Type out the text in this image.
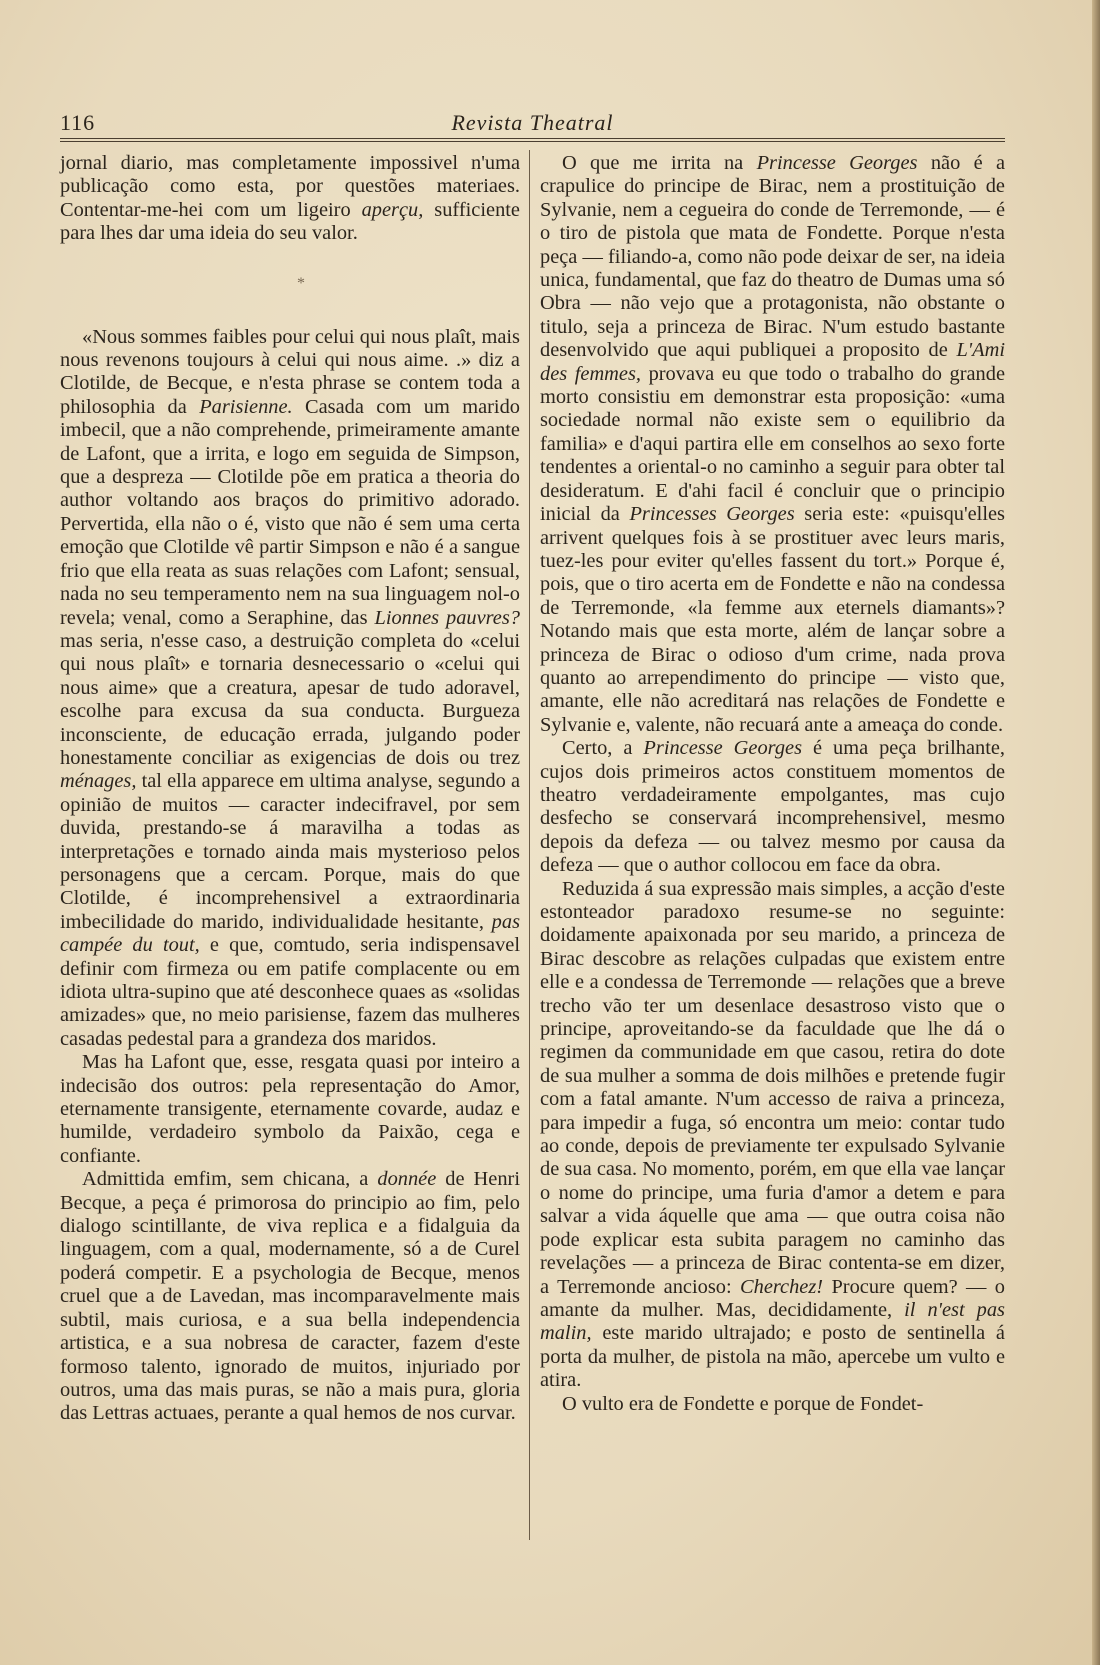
116	Revista Theatral

jornal diario, mas completamente impossivel n'uma publicação como esta, por questões materiaes. Contentar-me-hei com um ligeiro aperçu, sufficiente para lhes dar uma ideia do seu valor.

*

«Nous sommes faibles pour celui qui nous plaît, mais nous revenons toujours à celui qui nous aime. .» diz a Clotilde, de Becque, e n'esta phrase se contem toda a philosophia da Parisienne. Casada com um marido imbecil, que a não comprehende, primeiramente amante de Lafont, que a irrita, e logo em seguida de Simpson, que a despreza — Clotilde põe em pratica a theoria do author voltando aos braços do primitivo adorado. Pervertida, ella não o é, visto que não é sem uma certa emoção que Clotilde vê partir Simpson e não é a sangue frio que ella reata as suas relações com Lafont; sensual, nada no seu temperamento nem na sua linguagem nol-o revela; venal, como a Seraphine, das Lionnes pauvres? mas seria, n'esse caso, a destruição completa do «celui qui nous plaît» e tornaria desnecessario o «celui qui nous aime» que a creatura, apesar de tudo adoravel, escolhe para excusa da sua conducta. Burgueza inconsciente, de educação errada, julgando poder honestamente conciliar as exigencias de dois ou trez ménages, tal ella apparece em ultima analyse, segundo a opinião de muitos — caracter indecifravel, por sem duvida, prestando-se á maravilha a todas as interpretações e tornado ainda mais mysterioso pelos personagens que a cercam. Porque, mais do que Clotilde, é incomprehensivel a extraordinaria imbecilidade do marido, individualidade hesitante, pas campée du tout, e que, comtudo, seria indispensavel definir com firmeza ou em patife complacente ou em idiota ultra-supino que até desconhece quaes as «solidas amizades» que, no meio parisiense, fazem das mulheres casadas pedestal para a grandeza dos maridos.

Mas ha Lafont que, esse, resgata quasi por inteiro a indecisão dos outros: pela representação do Amor, eternamente transigente, eternamente covarde, audaz e humilde, verdadeiro symbolo da Paixão, cega e confiante.

Admittida emfim, sem chicana, a donnée de Henri Becque, a peça é primorosa do principio ao fim, pelo dialogo scintillante, de viva replica e a fidalguia da linguagem, com a qual, modernamente, só a de Curel poderá competir. E a psychologia de Becque, menos cruel que a de Lavedan, mas incomparavelmente mais subtil, mais curiosa, e a sua bella independencia artistica, e a sua nobresa de caracter, fazem d'este formoso talento, ignorado de muitos, injuriado por outros, uma das mais puras, se não a mais pura, gloria das Lettras actuaes, perante a qual hemos de nos curvar.

O que me irrita na Princesse Georges não é a crapulice do principe de Birac, nem a prostituição de Sylvanie, nem a cegueira do conde de Terremonde, — é o tiro de pistola que mata de Fondette. Porque n'esta peça — filiando-a, como não pode deixar de ser, na ideia unica, fundamental, que faz do theatro de Dumas uma só Obra — não vejo que a protagonista, não obstante o titulo, seja a princeza de Birac. N'um estudo bastante desenvolvido que aqui publiquei a proposito de L'Ami des femmes, provava eu que todo o trabalho do grande morto consistiu em demonstrar esta proposição: «uma sociedade normal não existe sem o equilibrio da familia» e d'aqui partira elle em conselhos ao sexo forte tendentes a oriental-o no caminho a seguir para obter tal desideratum. E d'ahi facil é concluir que o principio inicial da Princesses Georges seria este: «puisqu'elles arrivent quelques fois à se prostituer avec leurs maris, tuez-les pour eviter qu'elles fassent du tort.» Porque é, pois, que o tiro acerta em de Fondette e não na condessa de Terremonde, «la femme aux eternels diamants»? Notando mais que esta morte, além de lançar sobre a princeza de Birac o odioso d'um crime, nada prova quanto ao arrependimento do principe — visto que, amante, elle não acreditará nas relações de Fondette e Sylvanie e, valente, não recuará ante a ameaça do conde.

Certo, a Princesse Georges é uma peça brilhante, cujos dois primeiros actos constituem momentos de theatro verdadeiramente empolgantes, mas cujo desfecho se conservará incomprehensivel, mesmo depois da defeza — ou talvez mesmo por causa da defeza — que o author collocou em face da obra.

Reduzida á sua expressão mais simples, a acção d'este estonteador paradoxo resume-se no seguinte: doidamente apaixonada por seu marido, a princeza de Birac descobre as relações culpadas que existem entre elle e a condessa de Terremonde — relações que a breve trecho vão ter um desenlace desastroso visto que o principe, aproveitando-se da faculdade que lhe dá o regimen da communidade em que casou, retira do dote de sua mulher a somma de dois milhões e pretende fugir com a fatal amante. N'um accesso de raiva a princeza, para impedir a fuga, só encontra um meio: contar tudo ao conde, depois de previamente ter expulsado Sylvanie de sua casa. No momento, porém, em que ella vae lançar o nome do principe, uma furia d'amor a detem e para salvar a vida áquelle que ama — que outra coisa não pode explicar esta subita paragem no caminho das revelações — a princeza de Birac contenta-se em dizer, a Terremonde ancioso: Cherchez! Procure quem? — o amante da mulher. Mas, decididamente, il n'est pas malin, este marido ultrajado; e posto de sentinella á porta da mulher, de pistola na mão, apercebe um vulto e atira.

O vulto era de Fondette e porque de Fondet-
